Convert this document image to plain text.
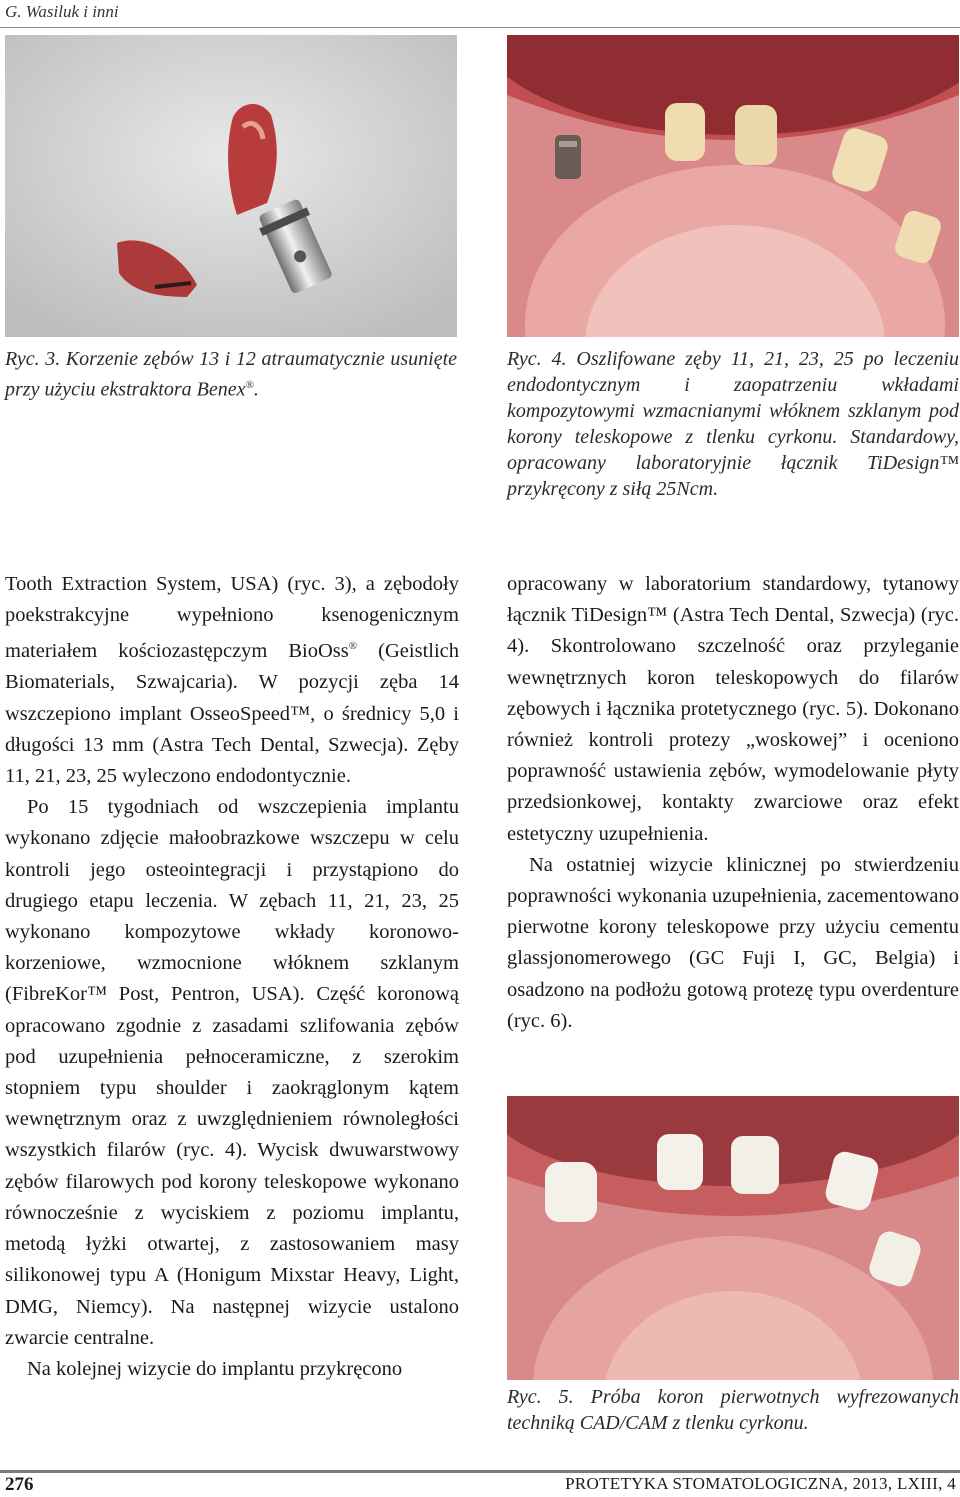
G. Wasiluk i inni

Ryc. 3. Korzenie zębów 13 i 12 atraumatycznie usunięte przy użyciu ekstraktora Benex®.

Ryc. 4. Oszlifowane zęby 11, 21, 23, 25 po leczeniu endodontycznym i zaopatrzeniu wkładami kompozytowymi wzmacnianymi włóknem szklanym pod korony teleskopowe z tlenku cyrkonu. Standardowy, opracowany laboratoryjnie łącznik TiDesign™ przykręcony z siłą 25Ncm.

Tooth Extraction System, USA) (ryc. 3), a zębodoły poekstrakcyjne wypełniono ksenogenicznym materiałem kościozastępczym BioOss® (Geistlich Biomaterials, Szwajcaria). W pozycji zęba 14 wszczepiono implant OsseoSpeed™, o średnicy 5,0 i długości 13 mm (Astra Tech Dental, Szwecja). Zęby 11, 21, 23, 25 wyleczono endodontycznie.

Po 15 tygodniach od wszczepienia implantu wykonano zdjęcie małoobrazkowe wszczepu w celu kontroli jego osteointegracji i przystąpiono do drugiego etapu leczenia. W zębach 11, 21, 23, 25 wykonano kompozytowe wkłady koronowo-korzeniowe, wzmocnione włóknem szklanym (FibreKor™ Post, Pentron, USA). Część koronową opracowano zgodnie z zasadami szlifowania zębów pod uzupełnienia pełnoceramiczne, z szerokim stopniem typu shoulder i zaokrąglonym kątem wewnętrznym oraz z uwzględnieniem równoległości wszystkich filarów (ryc. 4). Wycisk dwuwarstwowy zębów filarowych pod korony teleskopowe wykonano równocześnie z wyciskiem z poziomu implantu, metodą łyżki otwartej, z zastosowaniem masy silikonowej typu A (Honigum Mixstar Heavy, Light, DMG, Niemcy). Na następnej wizycie ustalono zwarcie centralne.

Na kolejnej wizycie do implantu przykręcono

opracowany w laboratorium standardowy, tytanowy łącznik TiDesign™ (Astra Tech Dental, Szwecja) (ryc. 4). Skontrolowano szczelność oraz przyleganie wewnętrznych koron teleskopowych do filarów zębowych i łącznika protetycznego (ryc. 5). Dokonano również kontroli protezy „woskowej” i oceniono poprawność ustawienia zębów, wymodelowanie płyty przedsionkowej, kontakty zwarciowe oraz efekt estetyczny uzupełnienia.

Na ostatniej wizycie klinicznej po stwierdzeniu poprawności wykonania uzupełnienia, zacementowano pierwotne korony teleskopowe przy użyciu cementu glassjonomerowego (GC Fuji I, GC, Belgia) i osadzono na podłożu gotową protezę typu overdenture (ryc. 6).

Ryc. 5. Próba koron pierwotnych wyfrezowanych techniką CAD/CAM z tlenku cyrkonu.

276	PROTETYKA STOMATOLOGICZNA, 2013, LXIII, 4
